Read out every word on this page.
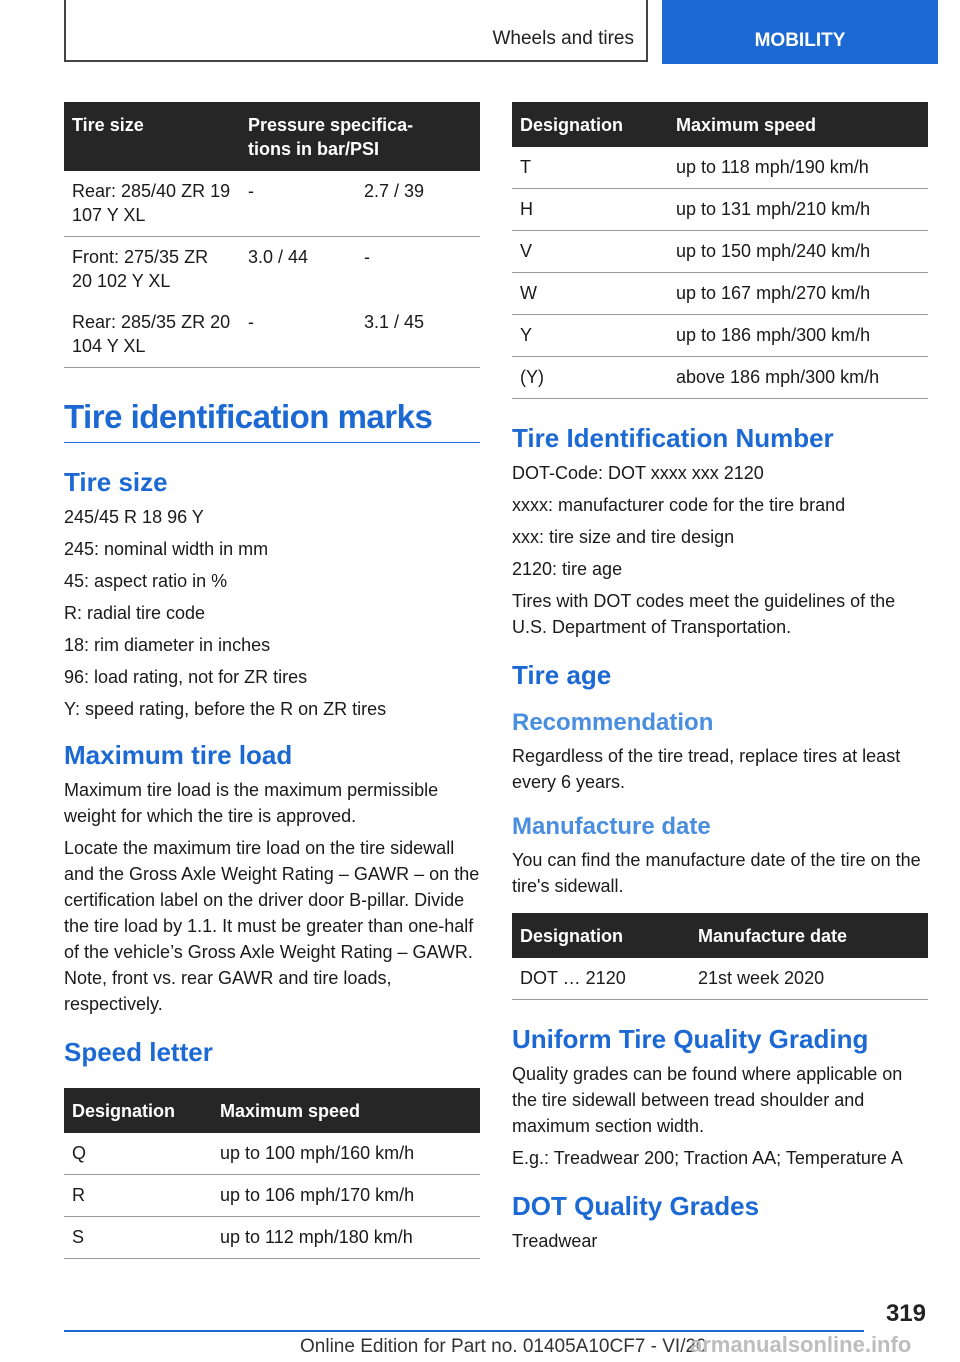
Wheels and tires	MOBILITY
Tire size	Pressure specifica-
tions in bar/PSI	
Rear: 285/40 ZR 19 107 Y XL	-	2.7 / 39
Front: 275/35 ZR 20 102 Y XL	3.0 / 44	-
Rear: 285/35 ZR 20 104 Y XL	-	3.1 / 45
Tire identification marks
Tire size

245/45 R 18 96 Y

245: nominal width in mm

45: aspect ratio in %

R: radial tire code

18: rim diameter in inches

96: load rating, not for ZR tires

Y: speed rating, before the R on ZR tires

Maximum tire load

Maximum tire load is the maximum permissible weight for which the tire is approved.

Locate the maximum tire load on the tire sidewall and the Gross Axle Weight Rating – GAWR – on the certification label on the driver door B-pillar. Divide the tire load by 1.1. It must be greater than one-half of the vehicle’s Gross Axle Weight Rating – GAWR. Note, front vs. rear GAWR and tire loads, respectively.

Speed letter
Designation	Maximum speed
Q	up to 100 mph/160 km/h
R	up to 106 mph/170 km/h
S	up to 112 mph/180 km/h
Designation	Maximum speed
T	up to 118 mph/190 km/h
H	up to 131 mph/210 km/h
V	up to 150 mph/240 km/h
W	up to 167 mph/270 km/h
Y	up to 186 mph/300 km/h
(Y)	above 186 mph/300 km/h
Tire Identification Number

DOT-Code: DOT xxxx xxx 2120

xxxx: manufacturer code for the tire brand

xxx: tire size and tire design

2120: tire age

Tires with DOT codes meet the guidelines of the U.S. Department of Transportation.

Tire age
Recommendation

Regardless of the tire tread, replace tires at least every 6 years.

Manufacture date

You can find the manufacture date of the tire on the tire's sidewall.

Designation	Manufacture date
DOT … 2120	21st week 2020
Uniform Tire Quality Grading

Quality grades can be found where applicable on the tire sidewall between tread shoulder and maximum section width.

E.g.: Treadwear 200; Traction AA; Temperature A

DOT Quality Grades

Treadwear

319
Online Edition for Part no. 01405A10CF7 - VI/20
armanualsonline.info
